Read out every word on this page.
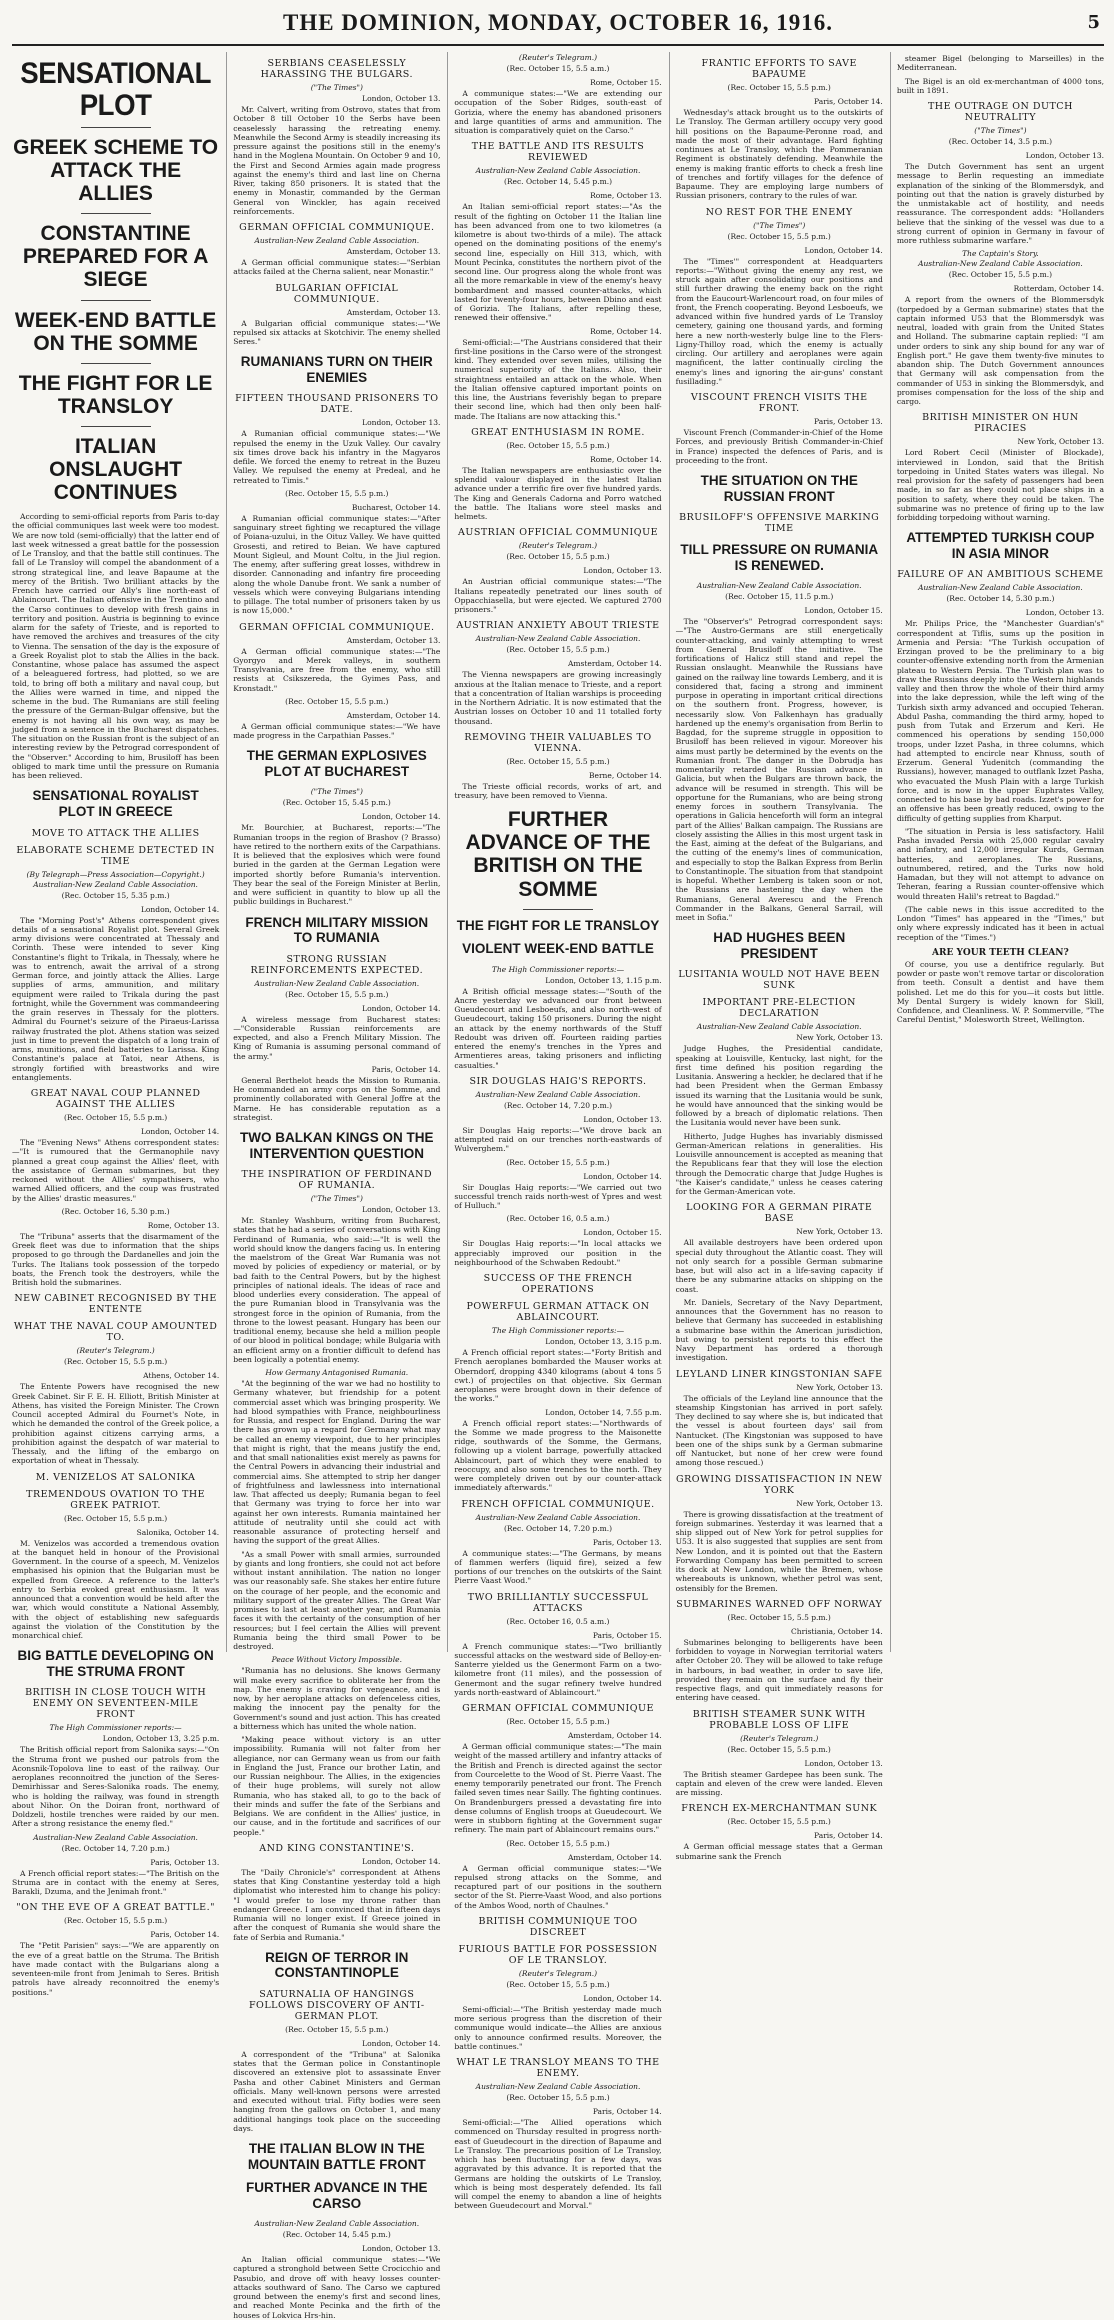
THE DOMINION, MONDAY, OCTOBER 16, 1916.	5
SENSATIONAL PLOT
GREEK SCHEME TO ATTACK THE ALLIES
CONSTANTINE PREPARED FOR A SIEGE
WEEK-END BATTLE ON THE SOMME
THE FIGHT FOR LE TRANSLOY
ITALIAN ONSLAUGHT CONTINUES

According to semi-official reports from Paris to-day the official communiques last week were too modest. We are now told (semi-officially) that the latter end of last week witnessed a great battle for the possession of Le Transloy, and that the battle still continues. The fall of Le Transloy will compel the abandonment of a strong strategical line, and leave Bapaume at the mercy of the British. Two brilliant attacks by the French have carried our Ally's line north-east of Ablaincourt. The Italian offensive in the Trentino and the Carso continues to develop with fresh gains in territory and position. Austria is beginning to evince alarm for the safety of Trieste, and is reported to have removed the archives and treasures of the city to Vienna. The sensation of the day is the exposure of a Greek Royalist plot to stab the Allies in the back. Constantine, whose palace has assumed the aspect of a beleaguered fortress, had plotted, so we are told, to bring off both a military and naval coup, but the Allies were warned in time, and nipped the scheme in the bud. The Rumanians are still feeling the pressure of the German-Bulgar offensive, but the enemy is not having all his own way, as may be judged from a sentence in the Bucharest dispatches. The situation on the Russian front is the subject of an interesting review by the Petrograd correspondent of the "Observer." According to him, Brusiloff has been obliged to mark time until the pressure on Rumania has been relieved.

SENSATIONAL ROYALIST PLOT IN GREECE
MOVE TO ATTACK THE ALLIES
ELABORATE SCHEME DETECTED IN TIME
(By Telegraph—Press Association—Copyright.)
Australian-New Zealand Cable Association.
(Rec. October 15, 5.35 p.m.)
London, October 14.

The "Morning Post's" Athens correspondent gives details of a sensational Royalist plot. Several Greek army divisions were concentrated at Thessaly and Corinth. These were intended to sever King Constantine's flight to Trikala, in Thessaly, where he was to entrench, await the arrival of a strong German force, and jointly attack the Allies. Large supplies of arms, ammunition, and military equipment were railed to Trikala during the past fortnight, while the Government was commandeering the grain reserves in Thessaly for the plotters. Admiral du Fournet's seizure of the Piraeus-Larissa railway frustrated the plot. Athens station was seized just in time to prevent the dispatch of a long train of arms, munitions, and field batteries to Larissa. King Constantine's palace at Tatoi, near Athens, is strongly fortified with breastworks and wire entanglements.

GREAT NAVAL COUP PLANNED AGAINST THE ALLIES
(Rec. October 15, 5.5 p.m.)
London, October 14.

The "Evening News" Athens correspondent states:—"It is rumoured that the Germanophile navy planned a great coup against the Allies' fleet, with the assistance of German submarines, but they reckoned without the Allies' sympathisers, who warned Allied officers, and the coup was frustrated by the Allies' drastic measures."

(Rec. October 16, 5.30 p.m.)
Rome, October 13.

The "Tribuna" asserts that the disarmament of the Greek fleet was due to information that the ships proposed to go through the Dardanelles and join the Turks. The Italians took possession of the torpedo boats, the French took the destroyers, while the British hold the submarines.

NEW CABINET RECOGNISED BY THE ENTENTE
WHAT THE NAVAL COUP AMOUNTED TO.
(Reuter's Telegram.)
(Rec. October 15, 5.5 p.m.)
Athens, October 14.

The Entente Powers have recognised the new Greek Cabinet. Sir F. E. H. Elliott, British Minister at Athens, has visited the Foreign Minister. The Crown Council accepted Admiral du Fournet's Note, in which he demanded the control of the Greek police, a prohibition against citizens carrying arms, a prohibition against the despatch of war material to Thessaly, and the lifting of the embargo on exportation of wheat in Thessaly.

M. VENIZELOS AT SALONIKA
TREMENDOUS OVATION TO THE GREEK PATRIOT.
(Rec. October 15, 5.5 p.m.)
Salonika, October 14.

M. Venizelos was accorded a tremendous ovation at the banquet held in honour of the Provisional Government. In the course of a speech, M. Venizelos emphasised his opinion that the Bulgarian must be expelled from Greece. A reference to the latter's entry to Serbia evoked great enthusiasm. It was announced that a convention would be held after the war, which would constitute a National Assembly, with the object of establishing new safeguards against the violation of the Constitution by the monarchical chief.

BIG BATTLE DEVELOPING ON THE STRUMA FRONT
BRITISH IN CLOSE TOUCH WITH ENEMY ON SEVENTEEN-MILE FRONT
The High Commissioner reports:—
London, October 13, 3.25 p.m.

The British official report from Salonika says:—"On the Struma front we pushed our patrols from the Aconsnik-Topolova line to east of the railway. Our aeroplanes reconnoitred the junction of the Seres-Demirhissar and Seres-Salonika roads. The enemy, who is holding the railway, was found in strength about Nihor. On the Doiran front, northward of Doldzeli, hostile trenches were raided by our men. After a strong resistance the enemy fled."

Australian-New Zealand Cable Association.
(Rec. October 14, 7.20 p.m.)
Paris, October 13.

A French official report states:—"The British on the Struma are in contact with the enemy at Seres, Barakli, Dzuma, and the Jenimah front."

"ON THE EVE OF A GREAT BATTLE."
(Rec. October 15, 5.5 p.m.)
Paris, October 14.

The "Petit Parisien" says:—"We are apparently on the eve of a great battle on the Struma. The British have made contact with the Bulgarians along a seventeen-mile front from Jenimah to Seres. British patrols have already reconnoitred the enemy's positions."

SERBIANS CEASELESSLY HARASSING THE BULGARS.
("The Times")
London, October 13.

Mr. Calvert, writing from Ostrovo, states that from October 8 till October 10 the Serbs have been ceaselessly harassing the retreating enemy. Meanwhile the Second Army is steadily increasing its pressure against the positions still in the enemy's hand in the Moglena Mountain. On October 9 and 10, the First and Second Armies again made progress against the enemy's third and last line on Cherna River, taking 850 prisoners. It is stated that the enemy in Monastir, commanded by the German General von Winckler, has again received reinforcements.

GERMAN OFFICIAL COMMUNIQUE.
Australian-New Zealand Cable Association.
Amsterdam, October 13.

A German official communique states:—"Serbian attacks failed at the Cherna salient, near Monastir."

BULGARIAN OFFICIAL COMMUNIQUE.
Amsterdam, October 13.

A Bulgarian official communique states:—"We repulsed six attacks at Skotchivir. The enemy shelled Seres."

RUMANIANS TURN ON THEIR ENEMIES
FIFTEEN THOUSAND PRISONERS TO DATE.
London, October 13.

A Rumanian official communique states:—"We repulsed the enemy in the Uzuk Valley. Our cavalry six times drove back his infantry in the Magyaros defile. We forced the enemy to retreat in the Buzeu Valley. We repulsed the enemy at Predeal, and he retreated to Timis."

(Rec. October 15, 5.5 p.m.)
Bucharest, October 14.

A Rumanian official communique states:—"After sanguinary street fighting we recaptured the village of Poiana-uzului, in the Oituz Valley. We have quitted Grosesti, and retired to Beian. We have captured Mount Sigleul, and Mount Coltu, in the Jiul region. The enemy, after suffering great losses, withdrew in disorder. Cannonading and infantry fire proceeding along the whole Danube front. We sank a number of vessels which were conveying Bulgarians intending to pillage. The total number of prisoners taken by us is now 15,000."

GERMAN OFFICIAL COMMUNIQUE.
Amsterdam, October 13.

A German official communique states:—"The Gyorgyo and Merek valleys, in southern Transylvania, are free from the enemy, who still resists at Csikszereda, the Gyimes Pass, and Kronstadt."

(Rec. October 15, 5.5 p.m.)
Amsterdam, October 14.

A German official communique states:—"We have made progress in the Carpathian Passes."

THE GERMAN EXPLOSIVES PLOT AT BUCHAREST
("The Times")
(Rec. October 15, 5.45 p.m.)
London, October 14.

Mr. Bourchier, at Bucharest, reports:—"The Rumanian troops in the region of Brashov (? Brasso) have retired to the northern exits of the Carpathians. It is believed that the explosives which were found buried in the garden at the German Legation were imported shortly before Rumania's intervention. They bear the seal of the Foreign Minister at Berlin, and were sufficient in quantity to blow up all the public buildings in Bucharest."

FRENCH MILITARY MISSION TO RUMANIA
STRONG RUSSIAN REINFORCEMENTS EXPECTED.
Australian-New Zealand Cable Association.
(Rec. October 15, 5.5 p.m.)
London, October 14.

A wireless message from Bucharest states:—"Considerable Russian reinforcements are expected, and also a French Military Mission. The King of Rumania is assuming personal command of the army."

Paris, October 14.

General Berthelot heads the Mission to Rumania. He commanded an army corps on the Somme, and prominently collaborated with General Joffre at the Marne. He has considerable reputation as a strategist.

TWO BALKAN KINGS ON THE INTERVENTION QUESTION
THE INSPIRATION OF FERDINAND OF RUMANIA.
("The Times")
London, October 13.

Mr. Stanley Washburn, writing from Bucharest, states that he had a series of conversations with King Ferdinand of Rumania, who said:—"It is well the world should know the dangers facing us. In entering the maelstrom of the Great War Rumania was not moved by policies of expediency or material, or by bad faith to the Central Powers, but by the highest principles of national ideals. The ideas of race and blood underlies every consideration. The appeal of the pure Rumanian blood in Transylvania was the strongest force in the opinion of Rumania, from the throne to the lowest peasant. Hungary has been our traditional enemy, because she held a million people of our blood in political bondage; while Bulgaria with an efficient army on a frontier difficult to defend has been logically a potential enemy.

How Germany Antagonised Rumania.

"At the beginning of the war we had no hostility to Germany whatever, but friendship for a potent commercial asset which was bringing prosperity. We had blood sympathies with France, neighbourliness for Russia, and respect for England. During the war there has grown up a regard for Germany what may be called an enemy viewpoint, due to her principles that might is right, that the means justify the end, and that small nationalities exist merely as pawns for the Central Powers in advancing their industrial and commercial aims. She attempted to strip her danger of frightfulness and lawlessness into international law. That affected us deeply; Rumania began to feel that Germany was trying to force her into war against her own interests. Rumania maintained her attitude of neutrality until she could act with reasonable assurance of protecting herself and having the support of the great Allies.

"As a small Power with small armies, surrounded by giants and long frontiers, she could not act before without instant annihilation. The nation no longer was our reasonably safe. She stakes her entire future on the courage of her people, and the economic and military support of the greater Allies. The Great War promises to last at least another year, and Rumania faces it with the certainty of the consumption of her resources; but I feel certain the Allies will prevent Rumania being the third small Power to be destroyed.

Peace Without Victory Impossible.

"Rumania has no delusions. She knows Germany will make every sacrifice to obliterate her from the map. The enemy is craving for vengeance, and is now, by her aeroplane attacks on defenceless cities, making the innocent pay the penalty for the Government's sound and just action. This has created a bitterness which has united the whole nation.

"Making peace without victory is an utter impossibility. Rumania will not falter from her allegiance, nor can Germany wean us from our faith in England the Just, France our brother Latin, and our Russian neighbour. The Allies, in the exigencies of their huge problems, will surely not allow Rumania, who has staked all, to go to the back of their minds and suffer the fate of the Serbians and Belgians. We are confident in the Allies' justice, in our cause, and in the fortitude and sacrifices of our people."

AND KING CONSTANTINE'S.
London, October 14.

The "Daily Chronicle's" correspondent at Athens states that King Constantine yesterday told a high diplomatist who interested him to change his policy: "I would prefer to lose my throne rather than endanger Greece. I am convinced that in fifteen days Rumania will no longer exist. If Greece joined in after the conquest of Rumania she would share the fate of Serbia and Rumania."

REIGN OF TERROR IN CONSTANTINOPLE
SATURNALIA OF HANGINGS FOLLOWS DISCOVERY OF ANTI-GERMAN PLOT.
(Rec. October 15, 5.5 p.m.)
London, October 14.

A correspondent of the "Tribuna" at Salonika states that the German police in Constantinople discovered an extensive plot to assassinate Enver Pasha and other Cabinet Ministers and German officials. Many well-known persons were arrested and executed without trial. Fifty bodies were seen hanging from the gallows on October 1, and many additional hangings took place on the succeeding days.

THE ITALIAN BLOW IN THE MOUNTAIN BATTLE FRONT
FURTHER ADVANCE IN THE CARSO
Australian-New Zealand Cable Association.
(Rec. October 14, 5.45 p.m.)
London, October 13.

An Italian official communique states:—"We captured a stronghold between Sette Crocicchio and Pasubio, and drove off with heavy losses counter-attacks southward of Sano. The Carso we captured ground between the enemy's first and second lines, and reached Monte Pecinka and the firth of the houses of Lokvica Hrs-hin.

(Reuter's Telegram.)
(Rec. October 15, 5.5 a.m.)
Rome, October 15.

A communique states:—"We are extending our occupation of the Sober Ridges, south-east of Gorizia, where the enemy has abandoned prisoners and large quantities of arms and ammunition. The situation is comparatively quiet on the Carso."

THE BATTLE AND ITS RESULTS REVIEWED
Australian-New Zealand Cable Association.
(Rec. October 14, 5.45 p.m.)
Rome, October 13.

An Italian semi-official report states:—"As the result of the fighting on October 11 the Italian line has been advanced from one to two kilometres (a kilometre is about two-thirds of a mile). The attack opened on the dominating positions of the enemy's second line, especially on Hill 313, which, with Mount Pecinka, constitutes the northern pivot of the second line. Our progress along the whole front was all the more remarkable in view of the enemy's heavy bombardment and massed counter-attacks, which lasted for twenty-four hours, between Dbino and east of Gorizia. The Italians, after repelling these, renewed their offensive."

Rome, October 14.

Semi-official:—"The Austrians considered that their first-line positions in the Carso were of the strongest kind. They extended over seven miles, utilising the numerical superiority of the Italians. Also, their straightness entailed an attack on the whole. When the Italian offensive captured important points on this line, the Austrians feverishly began to prepare their second line, which had then only been half-made. The Italians are now attacking this."

GREAT ENTHUSIASM IN ROME.
(Rec. October 15, 5.5 p.m.)
Rome, October 14.

The Italian newspapers are enthusiastic over the splendid valour displayed in the latest Italian advance under a terrific fire over five hundred yards. The King and Generals Cadorna and Porro watched the battle. The Italians wore steel masks and helmets.

AUSTRIAN OFFICIAL COMMUNIQUE
(Reuter's Telegram.)
(Rec. October 15, 5.5 p.m.)
London, October 13.

An Austrian official communique states:—"The Italians repeatedly penetrated our lines south of Oppacchiasella, but were ejected. We captured 2700 prisoners."

AUSTRIAN ANXIETY ABOUT TRIESTE
Australian-New Zealand Cable Association.
(Rec. October 15, 5.5 p.m.)
Amsterdam, October 14.

The Vienna newspapers are growing increasingly anxious at the Italian menace to Trieste, and a report that a concentration of Italian warships is proceeding in the Northern Adriatic. It is now estimated that the Austrian losses on October 10 and 11 totalled forty thousand.

REMOVING THEIR VALUABLES TO VIENNA.
(Rec. October 15, 5.5 p.m.)
Berne, October 14.

The Trieste official records, works of art, and treasury, have been removed to Vienna.

FURTHER ADVANCE OF THE BRITISH ON THE SOMME
THE FIGHT FOR LE TRANSLOY
VIOLENT WEEK-END BATTLE
The High Commissioner reports:—
London, October 13, 1.15 p.m.

A British official message states:—"South of the Ancre yesterday we advanced our front between Gueudecourt and Lesboeufs, and also north-west of Gueudecourt, taking 150 prisoners. During the night an attack by the enemy northwards of the Stuff Redoubt was driven off. Fourteen raiding parties entered the enemy's trenches in the Ypres and Armentieres areas, taking prisoners and inflicting casualties."

SIR DOUGLAS HAIG'S REPORTS.
Australian-New Zealand Cable Association.
(Rec. October 14, 7.20 p.m.)
London, October 13.

Sir Douglas Haig reports:—"We drove back an attempted raid on our trenches north-eastwards of Wulverghem."

(Rec. October 15, 5.5 p.m.)
London, October 14.

Sir Douglas Haig reports:—"We carried out two successful trench raids north-west of Ypres and west of Hulluch."

(Rec. October 16, 0.5 a.m.)
London, October 15.

Sir Douglas Haig reports:—"In local attacks we appreciably improved our position in the neighbourhood of the Schwaben Redoubt."

SUCCESS OF THE FRENCH OPERATIONS
POWERFUL GERMAN ATTACK ON ABLAINCOURT.
The High Commissioner reports:—
London, October 13, 3.15 p.m.

A French official report states:—"Forty British and French aeroplanes bombarded the Mauser works at Oberndorf, dropping 4340 kilograms (about 4 tons 5 cwt.) of projectiles on that objective. Six German aeroplanes were brought down in their defence of the works."

London, October 14, 7.55 p.m.

A French official report states:—"Northwards of the Somme we made progress to the Maisonette ridge, southwards of the Somme, the Germans, following up a violent barrage, powerfully attacked Ablaincourt, part of which they were enabled to reoccupy, and also some trenches to the north. They were completely driven out by our counter-attack immediately afterwards."

FRENCH OFFICIAL COMMUNIQUE.
Australian-New Zealand Cable Association.
(Rec. October 14, 7.20 p.m.)
Paris, October 13.

A communique states:—"The Germans, by means of flammen werfers (liquid fire), seized a few portions of our trenches on the outskirts of the Saint Pierre Vaast Wood."

TWO BRILLIANTLY SUCCESSFUL ATTACKS
(Rec. October 16, 0.5 a.m.)
Paris, October 15.

A French communique states:—"Two brilliantly successful attacks on the westward side of Belloy-en-Santerre yielded us the Genermont Farm on a two-kilometre front (11 miles), and the possession of Genermont and the sugar refinery twelve hundred yards north-eastward of Ablaincourt."

GERMAN OFFICIAL COMMUNIQUE
(Rec. October 15, 5.5 p.m.)
Amsterdam, October 14.

A German official communique states:—"The main weight of the massed artillery and infantry attacks of the British and French is directed against the sector from Courcelette to the Wood of St. Pierre Vaast. The enemy temporarily penetrated our front. The French failed seven times near Sailly. The fighting continues. On Brandenburgers pressed a devastating fire into dense columns of English troops at Gueudecourt. We were in stubborn fighting at the Government sugar refinery. The main part of Ablaincourt remains ours."

(Rec. October 15, 5.5 p.m.)
Amsterdam, October 14.

A German official communique states:—"We repulsed strong attacks on the Somme, and recaptured part of our positions in the southern sector of the St. Pierre-Vaast Wood, and also portions of the Ambos Wood, north of Chaulnes."

BRITISH COMMUNIQUE TOO DISCREET
FURIOUS BATTLE FOR POSSESSION OF LE TRANSLOY.
(Reuter's Telegram.)
(Rec. October 15, 5.5 p.m.)
London, October 14.

Semi-official:—"The British yesterday made much more serious progress than the discretion of their communique would indicate—the Allies are anxious only to announce confirmed results. Moreover, the battle continues."

WHAT LE TRANSLOY MEANS TO THE ENEMY.
Australian-New Zealand Cable Association.
(Rec. October 15, 5.5 p.m.)
Paris, October 14.

Semi-official:—"The Allied operations which commenced on Thursday resulted in progress north-east of Gueudecourt in the direction of Bapaume and Le Transloy. The precarious position of Le Transloy, which has been fluctuating for a few days, was aggravated by this advance. It is reported that the Germans are holding the outskirts of Le Transloy, which is being most desperately defended. Its fall will compel the enemy to abandon a line of heights between Gueudecourt and Morval."

FRANTIC EFFORTS TO SAVE BAPAUME
(Rec. October 15, 5.5 p.m.)
Paris, October 14.

Wednesday's attack brought us to the outskirts of Le Transloy. The German artillery occupy very good hill positions on the Bapaume-Peronne road, and made the most of their advantage. Hard fighting continues at Le Transloy, which the Pommeranian Regiment is obstinately defending. Meanwhile the enemy is making frantic efforts to check a fresh line of trenches and fortify villages for the defence of Bapaume. They are employing large numbers of Russian prisoners, contrary to the rules of war.

NO REST FOR THE ENEMY
("The Times")
(Rec. October 15, 5.5 p.m.)
London, October 14.

The "Times'" correspondent at Headquarters reports:—"Without giving the enemy any rest, we struck again after consolidating our positions and still further drawing the enemy back on the right from the Eaucourt-Warlencourt road, on four miles of front, the French cooperating. Beyond Lesboeufs, we advanced within five hundred yards of Le Transloy cemetery, gaining one thousand yards, and forming here a new north-westerly bulge line to the Flers-Ligny-Thilloy road, which the enemy is actually circling. Our artillery and aeroplanes were again magnificent, the latter continually circling the enemy's lines and ignoring the air-guns' constant fusillading."

VISCOUNT FRENCH VISITS THE FRONT.
Paris, October 13.

Viscount French (Commander-in-Chief of the Home Forces, and previously British Commander-in-Chief in France) inspected the defences of Paris, and is proceeding to the front.

THE SITUATION ON THE RUSSIAN FRONT
BRUSILOFF'S OFFENSIVE MARKING TIME
TILL PRESSURE ON RUMANIA IS RENEWED.
Australian-New Zealand Cable Association.
(Rec. October 15, 11.5 p.m.)
London, October 15.

The "Observer's" Petrograd correspondent says:—"The Austro-Germans are still energetically counter-attacking, and vainly attempting to wrest from General Brusiloff the initiative. The fortifications of Halicz still stand and repel the Russian onslaught. Meanwhile the Russians have gained on the railway line towards Lemberg, and it is considered that, facing a strong and imminent purpose in operating in important critical directions on the southern front. Progress, however, is necessarily slow. Von Falkenhayn has gradually hardened up the enemy's organisation from Berlin to Bagdad, for the supreme struggle in opposition to Brusiloff has been relieved in vigour. Moreover his aims must partly be determined by the events on the Rumanian front. The danger in the Dobrudja has momentarily retarded the Russian advance in Galicia, but when the Bulgars are thrown back, the advance will be resumed in strength. This will be opportune for the Rumanians, who are being strong enemy forces in southern Transylvania. The operations in Galicia henceforth will form an integral part of the Allies' Balkan campaign. The Russians are closely assisting the Allies in this most urgent task in the East, aiming at the defeat of the Bulgarians, and the cutting of the enemy's lines of communication, and especially to stop the Balkan Express from Berlin to Constantinople. The situation from that standpoint is hopeful. Whether Lemberg is taken soon or not, the Russians are hastening the day when the Rumanians, General Averescu and the French Commander in the Balkans, General Sarrail, will meet in Sofia."

HAD HUGHES BEEN PRESIDENT
LUSITANIA WOULD NOT HAVE BEEN SUNK
IMPORTANT PRE-ELECTION DECLARATION
Australian-New Zealand Cable Association.
New York, October 13.

Judge Hughes, the Presidential candidate, speaking at Louisville, Kentucky, last night, for the first time defined his position regarding the Lusitania. Answering a heckler, he declared that if he had been President when the German Embassy issued its warning that the Lusitania would be sunk, he would have announced that the sinking would be followed by a breach of diplomatic relations. Then the Lusitania would never have been sunk.

Hitherto, Judge Hughes has invariably dismissed German-American relations in generalities. His Louisville announcement is accepted as meaning that the Republicans fear that they will lose the election through the Democratic charge that Judge Hughes is "the Kaiser's candidate," unless he ceases catering for the German-American vote.

LOOKING FOR A GERMAN PIRATE BASE
New York, October 13.

All available destroyers have been ordered upon special duty throughout the Atlantic coast. They will not only search for a possible German submarine base, but will also act in a life-saving capacity if there be any submarine attacks on shipping on the coast.

Mr. Daniels, Secretary of the Navy Department, announces that the Government has no reason to believe that Germany has succeeded in establishing a submarine base within the American jurisdiction, but owing to persistent reports to this effect the Navy Department has ordered a thorough investigation.

LEYLAND LINER KINGSTONIAN SAFE
New York, October 13.

The officials of the Leyland line announce that the steamship Kingstonian has arrived in port safely. They declined to say where she is, but indicated that the vessel is about fourteen days' sail from Nantucket. (The Kingstonian was supposed to have been one of the ships sunk by a German submarine off Nantucket, but none of her crew were found among those rescued.)

GROWING DISSATISFACTION IN NEW YORK
New York, October 13.

There is growing dissatisfaction at the treatment of foreign submarines. Yesterday it was learned that a ship slipped out of New York for petrol supplies for U53. It is also suggested that supplies are sent from New London, and it is pointed out that the Eastern Forwarding Company has been permitted to screen its dock at New London, while the Bremen, whose whereabouts is unknown, whether petrol was sent, ostensibly for the Bremen.

SUBMARINES WARNED OFF NORWAY
(Rec. October 15, 5.5 p.m.)
Christiania, October 14.

Submarines belonging to belligerents have been forbidden to voyage in Norwegian territorial waters after October 20. They will be allowed to take refuge in harbours, in bad weather, in order to save life, provided they remain on the surface and fly their respective flags, and quit immediately reasons for entering have ceased.

BRITISH STEAMER SUNK WITH PROBABLE LOSS OF LIFE
(Reuter's Telegram.)
(Rec. October 15, 5.5 p.m.)
London, October 13.

The British steamer Gardepee has been sunk. The captain and eleven of the crew were landed. Eleven are missing.

FRENCH EX-MERCHANTMAN SUNK
(Rec. October 15, 5.5 p.m.)
Paris, October 14.

A German official message states that a German submarine sank the French

steamer Bigel (belonging to Marseilles) in the Mediterranean.

The Bigel is an old ex-merchantman of 4000 tons, built in 1891.

THE OUTRAGE ON DUTCH NEUTRALITY
("The Times")
(Rec. October 14, 3.5 p.m.)
London, October 13.

The Dutch Government has sent an urgent message to Berlin requesting an immediate explanation of the sinking of the Blommersdyk, and pointing out that the nation is gravely disturbed by the unmistakable act of hostility, and needs reassurance. The correspondent adds: "Hollanders believe that the sinking of the vessel was due to a strong current of opinion in Germany in favour of more ruthless submarine warfare."

The Captain's Story.
Australian-New Zealand Cable Association.
(Rec. October 15, 5.5 p.m.)
Rotterdam, October 14.

A report from the owners of the Blommersdyk (torpedoed by a German submarine) states that the captain informed U53 that the Blommersdyk was neutral, loaded with grain from the United States and Holland. The submarine captain replied: "I am under orders to sink any ship bound for any war of English port." He gave them twenty-five minutes to abandon ship. The Dutch Government announces that Germany will ask compensation from the commander of U53 in sinking the Blommersdyk, and promises compensation for the loss of the ship and cargo.

BRITISH MINISTER ON HUN PIRACIES
New York, October 13.

Lord Robert Cecil (Minister of Blockade), interviewed in London, said that the British torpedoing in United States waters was illegal. No real provision for the safety of passengers had been made, in so far as they could not place ships in a position to safety, where they could be taken. The submarine was no pretence of firing up to the law forbidding torpedoing without warning.

ATTEMPTED TURKISH COUP IN ASIA MINOR
FAILURE OF AN AMBITIOUS SCHEME
Australian-New Zealand Cable Association.
(Rec. October 14, 5.30 p.m.)
London, October 13.

Mr. Philips Price, the "Manchester Guardian's" correspondent at Tiflis, sums up the position in Armenia and Persia: "The Turkish occupation of Erzingan proved to be the preliminary to a big counter-offensive extending north from the Armenian plateau to Western Persia. The Turkish plan was to draw the Russians deeply into the Western highlands valley and then throw the whole of their third army into the lake depression, while the left wing of the Turkish sixth army advanced and occupied Teheran. Abdul Pasha, commanding the third army, hoped to push from Tutak and Erzerum and Keri. He commenced his operations by sending 150,000 troops, under Izzet Pasha, in three columns, which had attempted to encircle near Khnuss, south of Erzerum. General Yudenitch (commanding the Russians), however, managed to outflank Izzet Pasha, who evacuated the Mush Plain with a large Turkish force, and is now in the upper Euphrates Valley, connected to his base by bad roads. Izzet's power for an offensive has been greatly reduced, owing to the difficulty of getting supplies from Kharput.

"The situation in Persia is less satisfactory. Halil Pasha invaded Persia with 25,000 regular cavalry and infantry, and 12,000 irregular Kurds, German batteries, and aeroplanes. The Russians, outnumbered, retired, and the Turks now hold Hamadan, but they will not attempt to advance on Teheran, fearing a Russian counter-offensive which would threaten Halil's retreat to Bagdad."

(The cable news in this issue accredited to the London "Times" has appeared in the "Times," but only where expressly indicated has it been in actual reception of the "Times.")

ARE YOUR TEETH CLEAN?

Of course, you use a dentifrice regularly. But powder or paste won't remove tartar or discoloration from teeth. Consult a dentist and have them polished. Let me do this for you—it costs but little. My Dental Surgery is widely known for Skill, Confidence, and Cleanliness. W. P. Sommerville, "The Careful Dentist," Molesworth Street, Wellington.
